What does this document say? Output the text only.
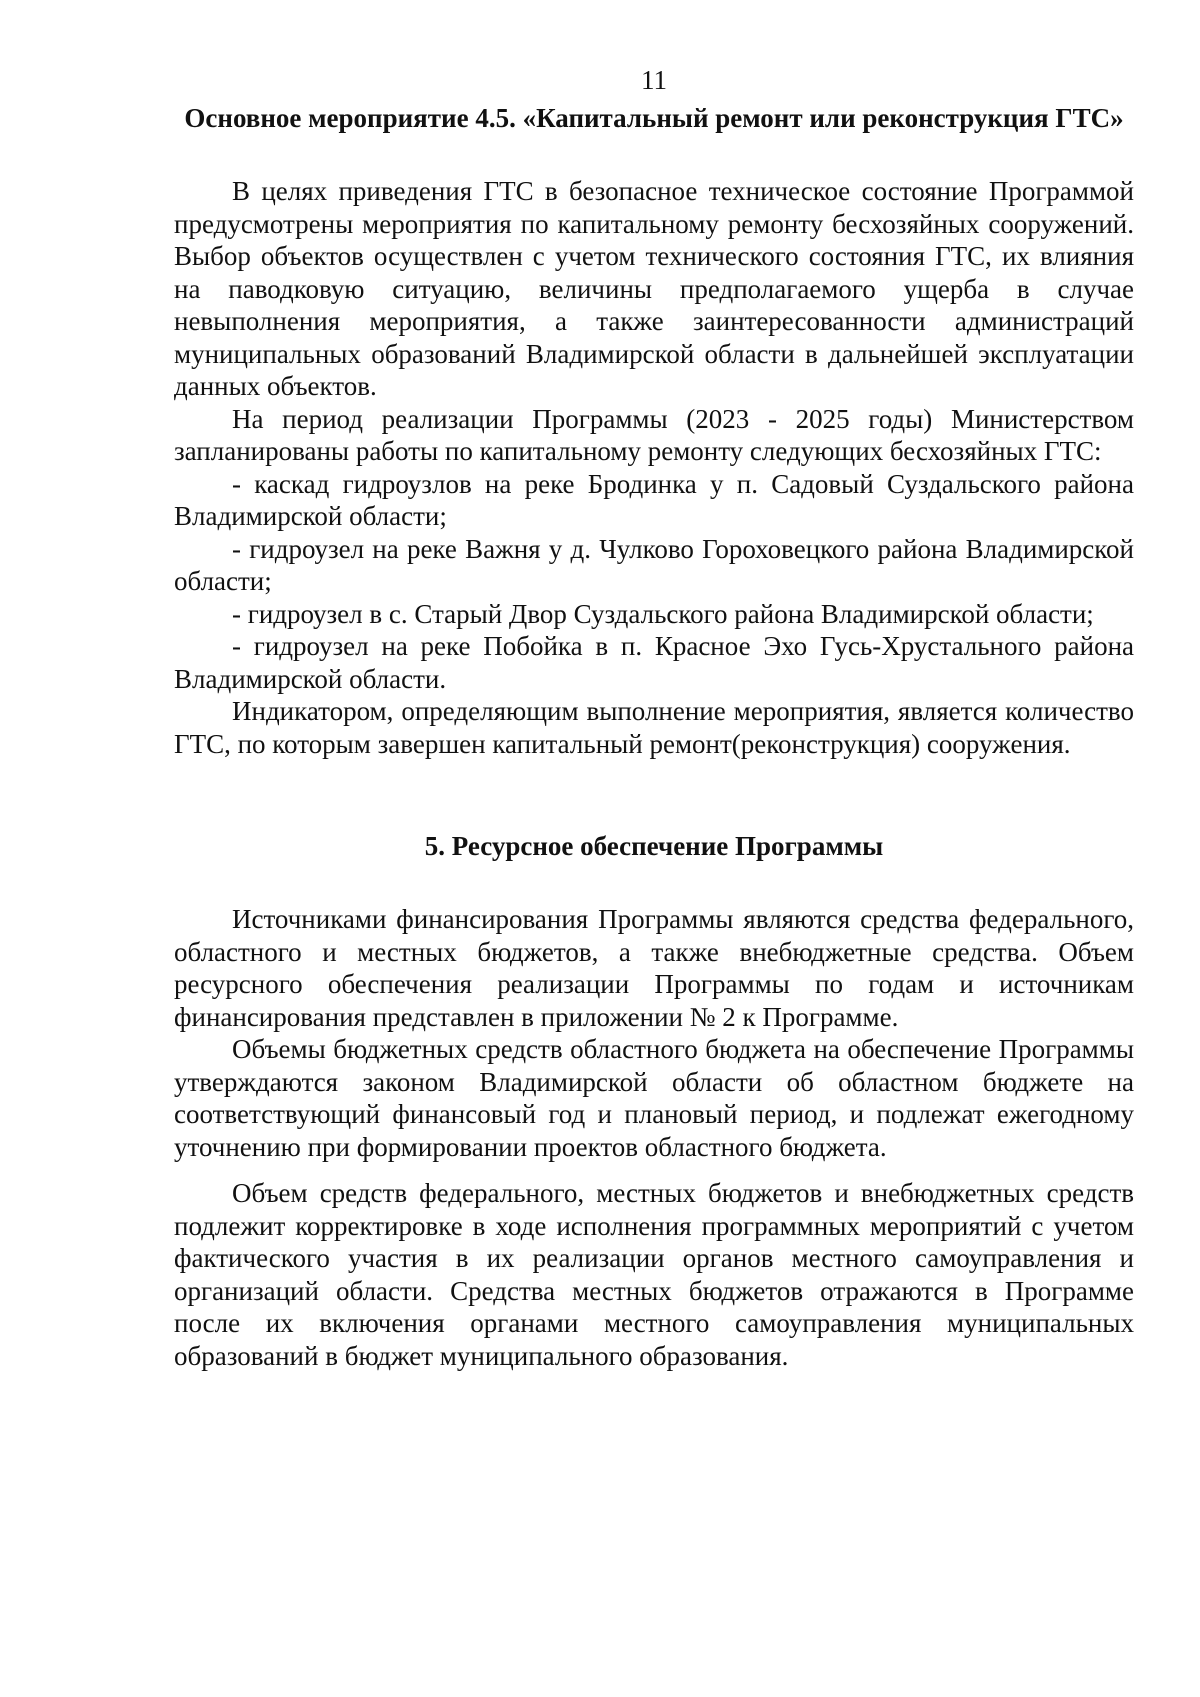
11
Основное мероприятие 4.5. «Капитальный ремонт или реконструкция ГТС»

В целях приведения ГТС в безопасное техническое состояние Программой предусмотрены мероприятия по капитальному ремонту бесхозяйных сооружений. Выбор объектов осуществлен с учетом технического состояния ГТС, их влияния на паводковую ситуацию, величины предполагаемого ущерба в случае невыполнения мероприятия, а также заинтересованности администраций муниципальных образований Владимирской области в дальнейшей эксплуатации данных объектов.

На период реализации Программы (2023 - 2025 годы) Министерством запланированы работы по капитальному ремонту следующих бесхозяйных ГТС:

- каскад гидроузлов на реке Бродинка у п. Садовый Суздальского района Владимирской области;

- гидроузел на реке Важня у д. Чулково Гороховецкого района Владимирской области;

- гидроузел в с. Старый Двор Суздальского района Владимирской области;

- гидроузел на реке Побойка в п. Красное Эхо Гусь-Хрустального района Владимирской области.

Индикатором, определяющим выполнение мероприятия, является количество ГТС, по которым завершен капитальный ремонт(реконструкция) сооружения.

5. Ресурсное обеспечение Программы

Источниками финансирования Программы являются средства федерального, областного и местных бюджетов, а также внебюджетные средства. Объем ресурсного обеспечения реализации Программы по годам и источникам финансирования представлен в приложении № 2 к Программе.

Объемы бюджетных средств областного бюджета на обеспечение Программы утверждаются законом Владимирской области об областном бюджете на соответствующий финансовый год и плановый период, и подлежат ежегодному уточнению при формировании проектов областного бюджета.

Объем средств федерального, местных бюджетов и внебюджетных средств подлежит корректировке в ходе исполнения программных мероприятий с учетом фактического участия в их реализации органов местного самоуправления и организаций области. Средства местных бюджетов отражаются в Программе после их включения органами местного самоуправления муниципальных образований в бюджет муниципального образования.
